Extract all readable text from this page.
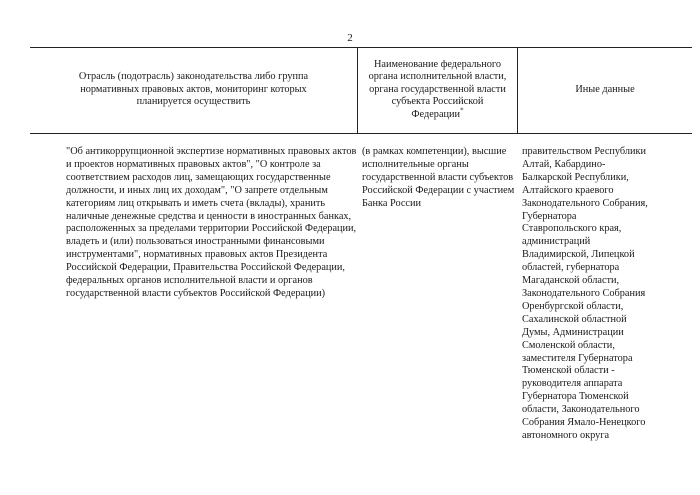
2
Отрасль (подотрасль) законодательства либо группа нормативных правовых актов, мониторинг которых планируется осуществить
Наименование федерального органа исполнительной власти, органа государственной власти субъекта Российской Федерации*
Иные данные

"Об антикоррупционной экспертизе нормативных правовых актов и проектов нормативных правовых актов", "О контроле за соответствием расходов лиц, замещающих государственные должности, и иных лиц их доходам", "О запрете отдельным категориям лиц открывать и иметь счета (вклады), хранить наличные денежные средства и ценности в иностранных банках, расположенных за пределами территории Российской Федерации, владеть и (или) пользоваться иностранными финансовыми инструментами", нормативных правовых актов Президента Российской Федерации, Правительства Российской Федерации, федеральных органов исполнительной власти и органов государственной власти субъектов Российской Федерации)

(в рамках компетенции), высшие исполнительные органы государственной власти субъектов Российской Федерации с участием Банка России

правительством Республики Алтай, Кабардино-Балкарской Республики, Алтайского краевого Законодательного Собрания, Губернатора Ставропольского края, администраций Владимирской, Липецкой областей, губернатора Магаданской области, Законодательного Собрания Оренбургской области, Сахалинской областной Думы, Администрации Смоленской области, заместителя Губернатора Тюменской области - руководителя аппарата Губернатора Тюменской области, Законодательного Собрания Ямало-Ненецкого автономного округа
